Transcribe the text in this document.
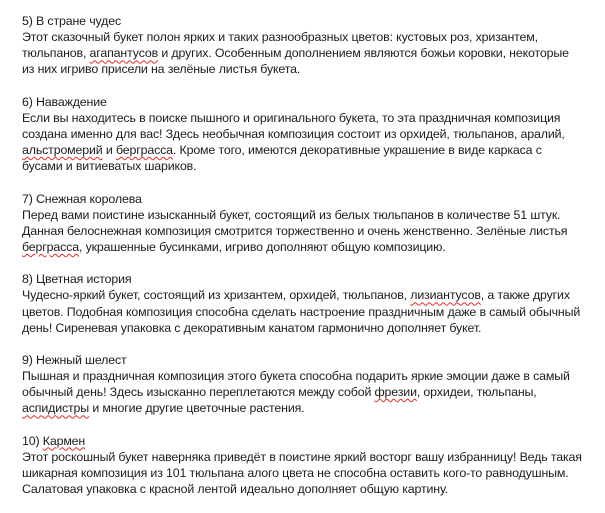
5) В стране чудес
Этот сказочный букет полон ярких и таких разнообразных цветов: кустовых роз, хризантем,
тюльпанов, агапантусов и других. Особенным дополнением являются божьи коровки, некоторые
из них игриво присели на зелёные листья букета.
6) Наваждение
Если вы находитесь в поиске пышного и оригинального букета, то эта праздничная композиция
создана именно для вас! Здесь необычная композиция состоит из орхидей, тюльпанов, аралий,
альстромерий и берграсса. Кроме того, имеются декоративные украшение в виде каркаса с
бусами и витиеватых шариков.
7) Снежная королева
Перед вами поистине изысканный букет, состоящий из белых тюльпанов в количестве 51 штук.
Данная белоснежная композиция смотрится торжественно и очень женственно. Зелёные листья
берграсса, украшенные бусинками, игриво дополняют общую композицию.
8) Цветная история
Чудесно-яркий букет, состоящий из хризантем, орхидей, тюльпанов, лизиантусов, а также других
цветов. Подобная композиция способна сделать настроение праздничным даже в самый обычный
день! Сиреневая упаковка с декоративным канатом гармонично дополняет букет.
9) Нежный шелест
Пышная и праздничная композиция этого букета способна подарить яркие эмоции даже в самый
обычный день! Здесь изысканно переплетаются между собой фрезии, орхидеи, тюльпаны,
аспидистры и многие другие цветочные растения.
10) Кармен
Этот роскошный букет наверняка приведёт в поистине яркий восторг вашу избранницу! Ведь такая
шикарная композиция из 101 тюльпана алого цвета не способна оставить кого-то равнодушным.
Салатовая упаковка с красной лентой идеально дополняет общую картину.
